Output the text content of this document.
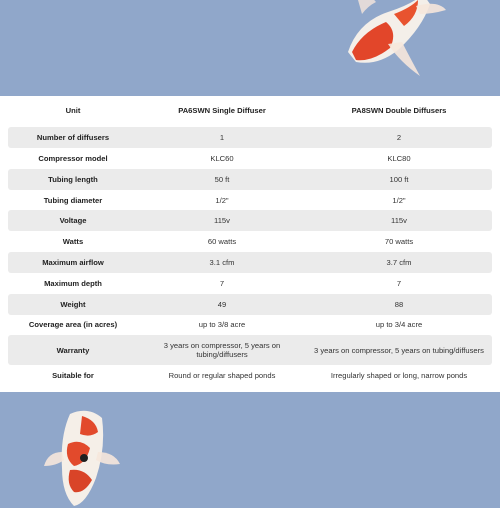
Unit	PA6SWN Single Diffuser	PA8SWN Double Diffusers
Number of diffusers	1	2
Compressor model	KLC60	KLC80
Tubing length	50 ft	100 ft
Tubing diameter	1/2"	1/2"
Voltage	115v	115v
Watts	60 watts	70 watts
Maximum airflow	3.1 cfm	3.7 cfm
Maximum depth	7	7
Weight	49	88
Coverage area (in acres)	up to 3/8 acre	up to 3/4 acre
Warranty	3 years on compressor, 5 years on tubing/diffusers	3 years on compressor, 5 years on tubing/diffusers
Suitable for	Round or regular shaped ponds	Irregularly shaped or long, narrow ponds
